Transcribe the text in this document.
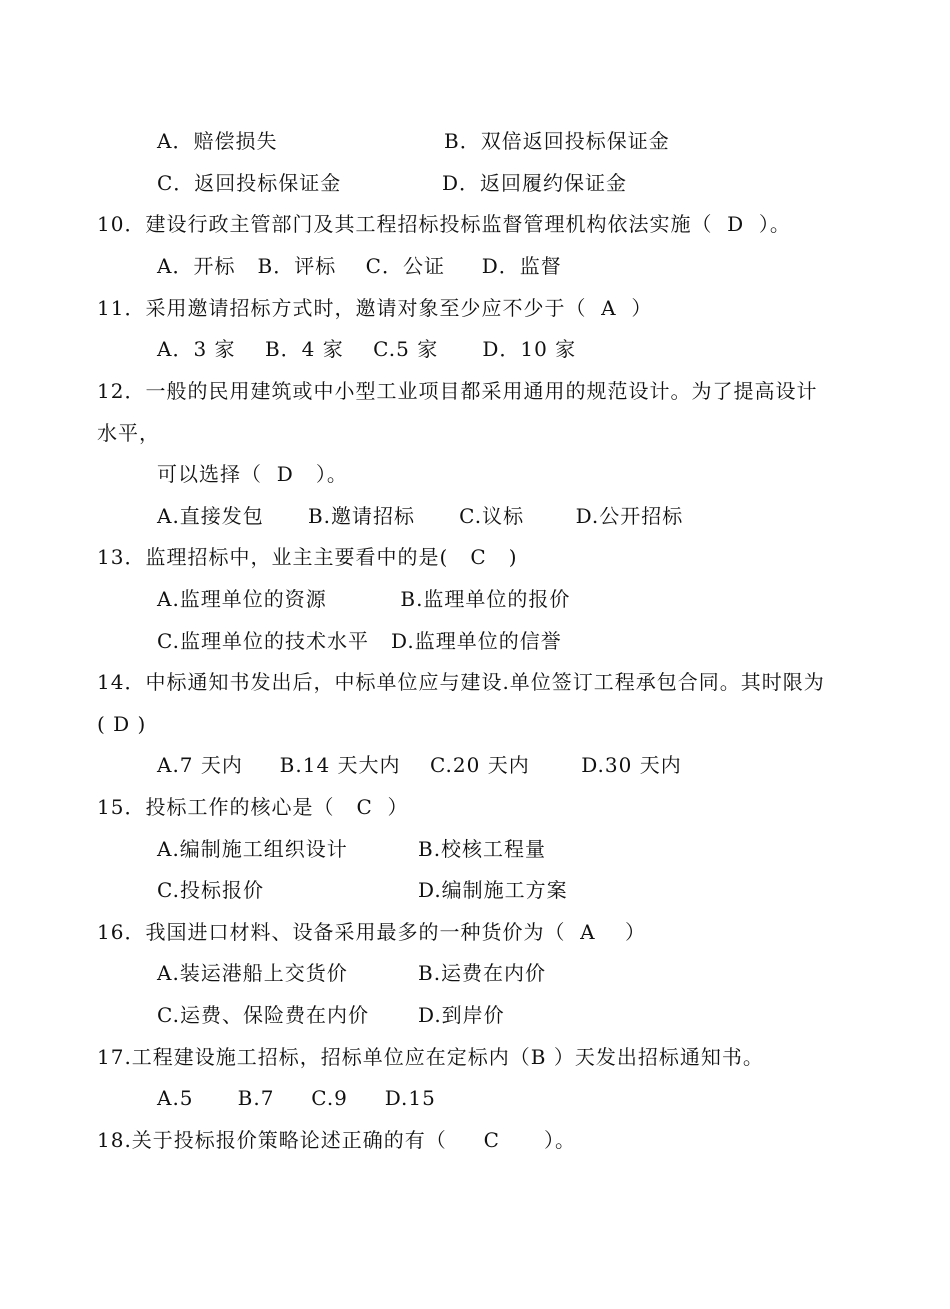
A．赔偿损失	B．双倍返回投标保证金
C．返回投标保证金	D．返回履约保证金
10．建设行政主管部门及其工程招标投标监督管理机构依法实施（  D  ）。
A．开标   B．评标    C．公证     D．监督
11．采用邀请招标方式时，邀请对象至少应不少于（  A  ）
A．3 家    B．4 家    C.5 家      D．10 家
12．一般的民用建筑或中小型工业项目都采用通用的规范设计。为了提高设计
水平，
可以选择（  D   ）。
A.直接发包      B.邀请招标      C.议标       D.公开招标
13．监理招标中，业主主要看中的是(   C   )
A.监理单位的资源          B.监理单位的报价
C.监理单位的技术水平   D.监理单位的信誉
14．中标通知书发出后，中标单位应与建设.单位签订工程承包合同。其时限为
( D )
A.7 天内     B.14 天大内    C.20 天内       D.30 天内
15．投标工作的核心是（   C  ）
A.编制施工组织设计	B.校核工程量
C.投标报价	D.编制施工方案
16．我国进口材料、设备采用最多的一种货价为（  A    ）
A.装运港船上交货价	B.运费在内价
C.运费、保险费在内价 D.到岸价
17.工程建设施工招标，招标单位应在定标内（B ）天发出招标通知书。
A.5      B.7     C.9     D.15
18.关于投标报价策略论述正确的有（     C      ）。
